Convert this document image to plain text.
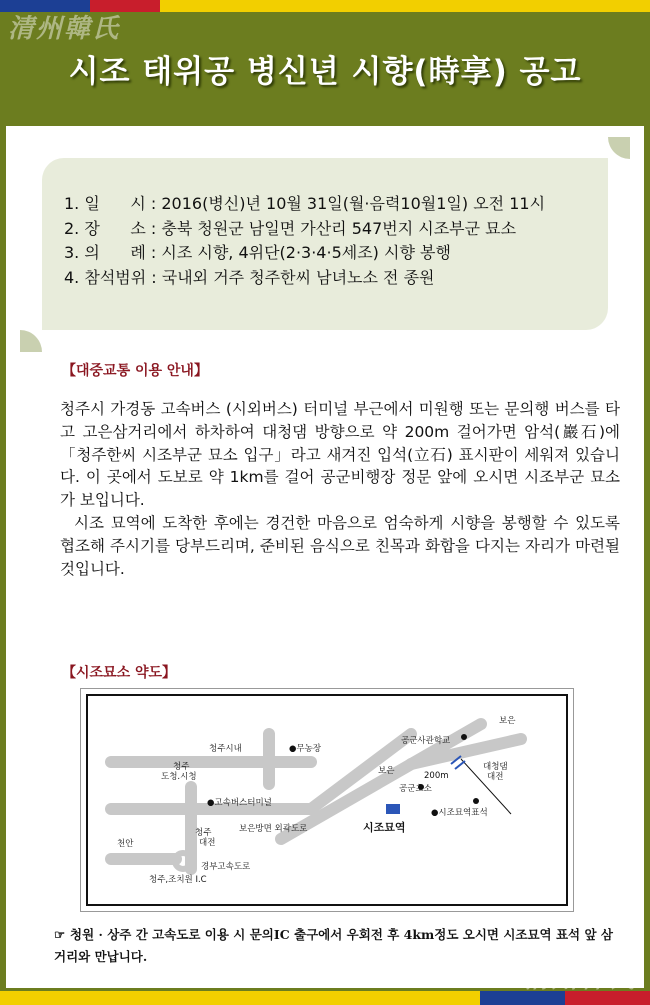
清州韓氏
시조 태위공 병신년 시향(時享) 공고
1. 일      시 : 2016(병신)년 10월 31일(월·음력10월1일) 오전 11시
2. 장      소 : 충북 청원군 남일면 가산리 547번지 시조부군 묘소
3. 의      례 : 시조 시향, 4위단(2·3·4·5세조) 시향 봉행
4. 참석범위 : 국내외 거주 청주한씨 남녀노소 전 종원
【대중교통 이용 안내】

청주시 가경동 고속버스 (시외버스) 터미널 부근에서 미원행 또는 문의행 버스를 타고 고은삼거리에서 하차하여 대청댐 방향으로 약 200m 걸어가면 암석(巖石)에「청주한씨 시조부군 묘소 입구」라고 새겨진 입석(立石) 표시판이 세워져 있습니다. 이 곳에서 도보로 약 1km를 걸어 공군비행장 정문 앞에 오시면 시조부군 묘소가 보입니다.

시조 묘역에 도착한 후에는 경건한 마음으로 엄숙하게 시향을 봉행할 수 있도록 협조해 주시기를 당부드리며, 준비된 음식으로 친목과 화합을 다지는 자리가 마련될 것입니다.

【시조묘소 약도】
보은
공군사관학교
청주시내	●무농장
청주 도청.시청
보은	200m
대청댐 대전
공군초소
●고속버스터미널
●시조묘역표석
시조묘역
청주 대전
보은방면 외곽도로
천안
경부고속도로
청주,조치원 I.C
☞ 청원 · 상주 간 고속도로 이용 시 문의IC 출구에서 우회전 후 4km정도 오시면 시조묘역 표석 앞 삼거리와 만납니다.
清州韓氏
